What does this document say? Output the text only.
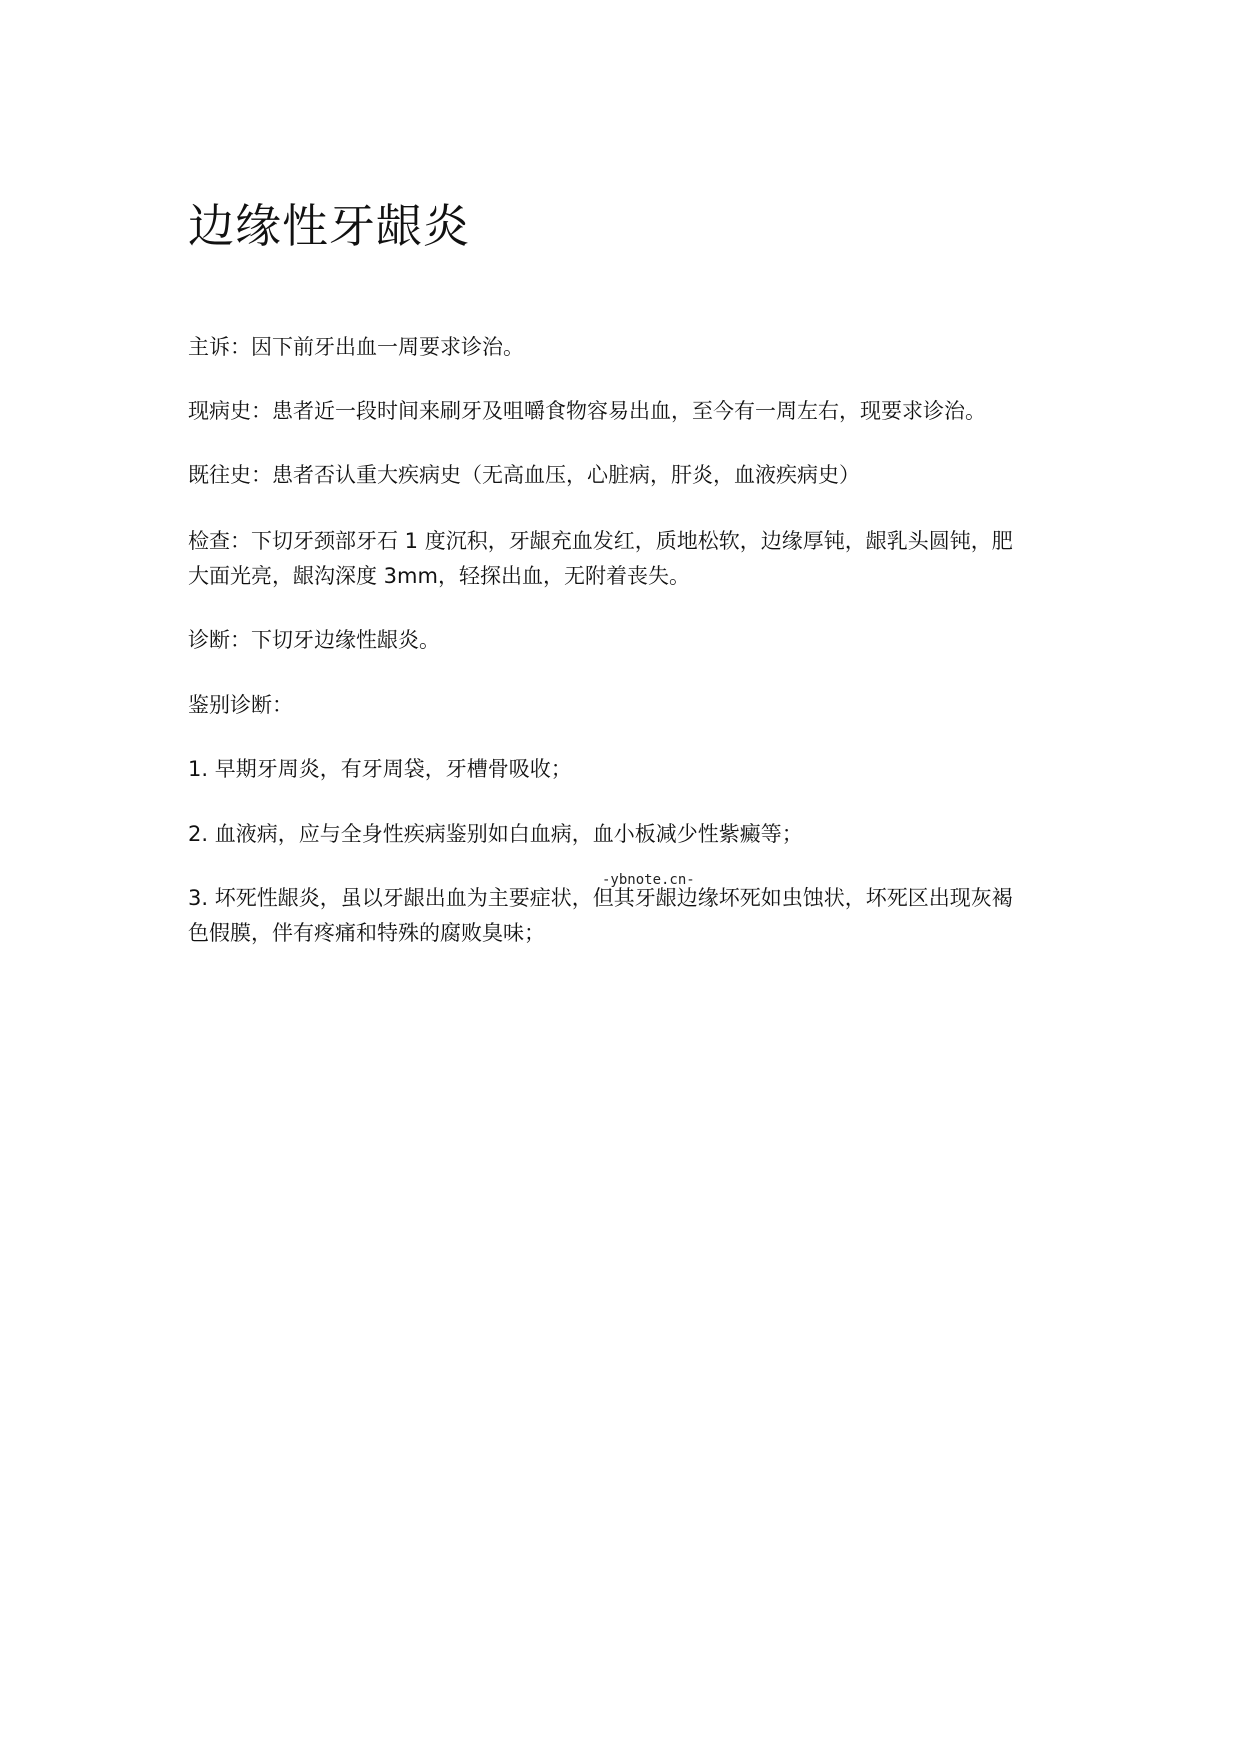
边缘性牙龈炎

主诉：因下前牙出血一周要求诊治。

现病史：患者近一段时间来刷牙及咀嚼食物容易出血，至今有一周左右，现要求诊治。

既往史：患者否认重大疾病史（无高血压，心脏病，肝炎，血液疾病史）

检查：下切牙颈部牙石 1 度沉积，牙龈充血发红，质地松软，边缘厚钝，龈乳头圆钝，肥

大面光亮，龈沟深度 3mm，轻探出血，无附着丧失。

诊断：下切牙边缘性龈炎。

鉴别诊断：

1. 早期牙周炎，有牙周袋，牙槽骨吸收；

2. 血液病，应与全身性疾病鉴别如白血病，血小板减少性紫癜等；

3. 坏死性龈炎，虽以牙龈出血为主要症状，但其牙龈边缘坏死如虫蚀状，坏死区出现灰褐

色假膜，伴有疼痛和特殊的腐败臭味；

-ybnote.cn-
